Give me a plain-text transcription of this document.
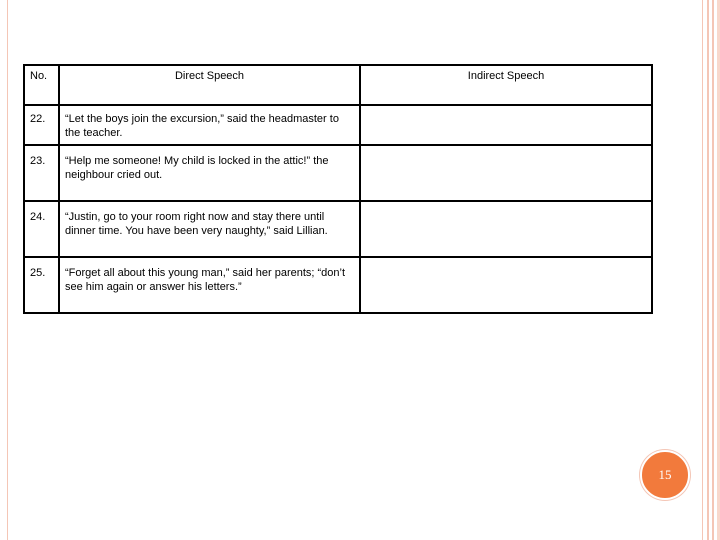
No.	Direct Speech	Indirect Speech

22.	“Let the boys join the excursion,” said the headmaster to the teacher.	

23.	“Help me someone! My child is locked in the attic!” the neighbour cried out.	

24.	“Justin, go to your room right now and stay there until dinner time. You have been very naughty,” said Lillian.	

25.	“Forget all about this young man,” said her parents; “don’t see him again or answer his letters.”	

15
